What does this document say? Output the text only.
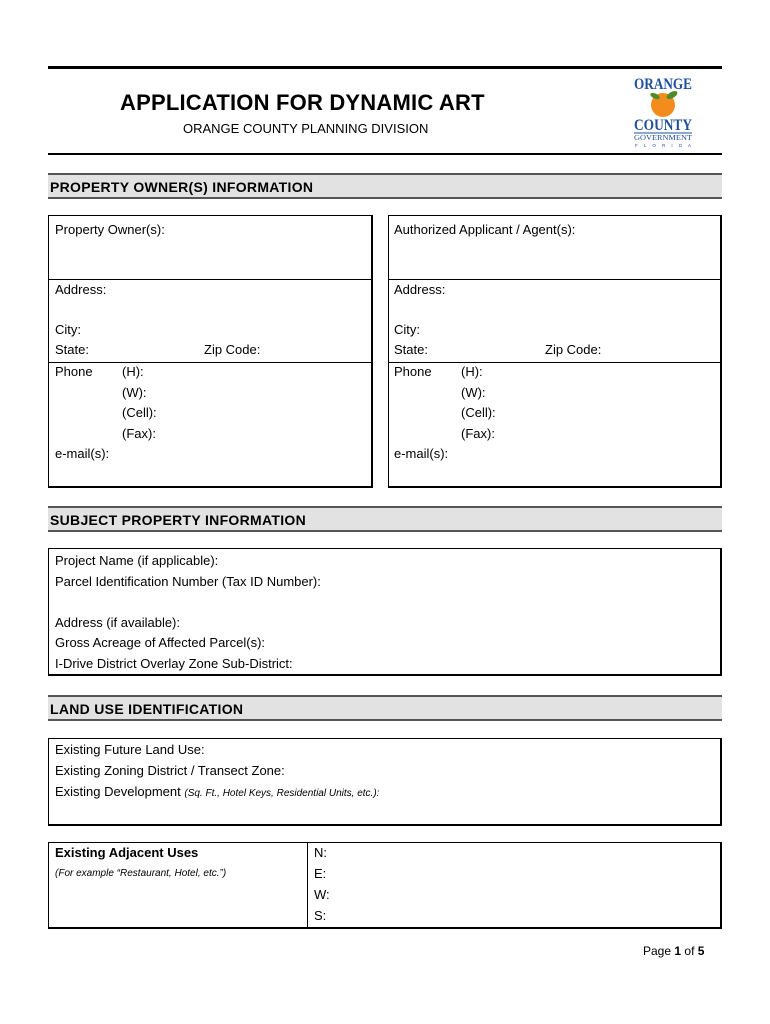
APPLICATION FOR DYNAMIC ART
ORANGE COUNTY PLANNING DIVISION
ORANGE
COUNTY
GOVERNMENT
F L O R I D A
PROPERTY OWNER(S) INFORMATION
Property Owner(s):
Address:
City:
State:	Zip Code:
Phone (H):
(W):
(Cell):
(Fax):
e-mail(s):
Authorized Applicant / Agent(s):
Address:
City:
State:	Zip Code:
Phone (H):
(W):
(Cell):
(Fax):
e-mail(s):
SUBJECT PROPERTY INFORMATION
Project Name (if applicable):
Parcel Identification Number (Tax ID Number):
Address (if available):
Gross Acreage of Affected Parcel(s):
I-Drive District Overlay Zone Sub-District:
LAND USE IDENTIFICATION
Existing Future Land Use:
Existing Zoning District / Transect Zone:
Existing Development (Sq. Ft., Hotel Keys, Residential Units, etc.):
Existing Adjacent Uses
(For example “Restaurant, Hotel, etc.”)
N:
E:
W:
S:
Page 1 of 5
